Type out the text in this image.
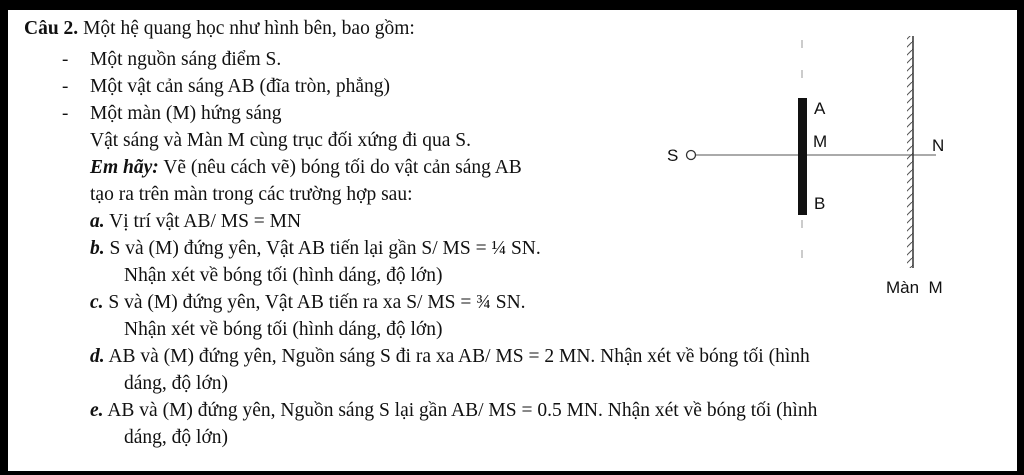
Câu 2. Một hệ quang học như hình bên, bao gồm:
- Một nguồn sáng điểm S.
- Một vật cản sáng AB (đĩa tròn, phẳng)
- Một màn (M) hứng sáng
Vật sáng và Màn M cùng trục đối xứng đi qua S.
Em hãy: Vẽ (nêu cách vẽ) bóng tối do vật cản sáng AB
tạo ra trên màn trong các trường hợp sau:
a. Vị trí vật AB/ MS = MN
b. S và (M) đứng yên, Vật AB tiến lại gần S/ MS = ¼ SN.
Nhận xét về bóng tối (hình dáng, độ lớn)
c. S và (M) đứng yên, Vật AB tiến ra xa S/ MS = ¾ SN.
Nhận xét về bóng tối (hình dáng, độ lớn)
d. AB và (M) đứng yên, Nguồn sáng S đi ra xa AB/ MS = 2 MN. Nhận xét về bóng tối (hình
dáng, độ lớn)
e. AB và (M) đứng yên, Nguồn sáng S lại gần AB/ MS = 0.5 MN. Nhận xét về bóng tối (hình
dáng, độ lớn)
S
A
M
B
N
Màn  M
